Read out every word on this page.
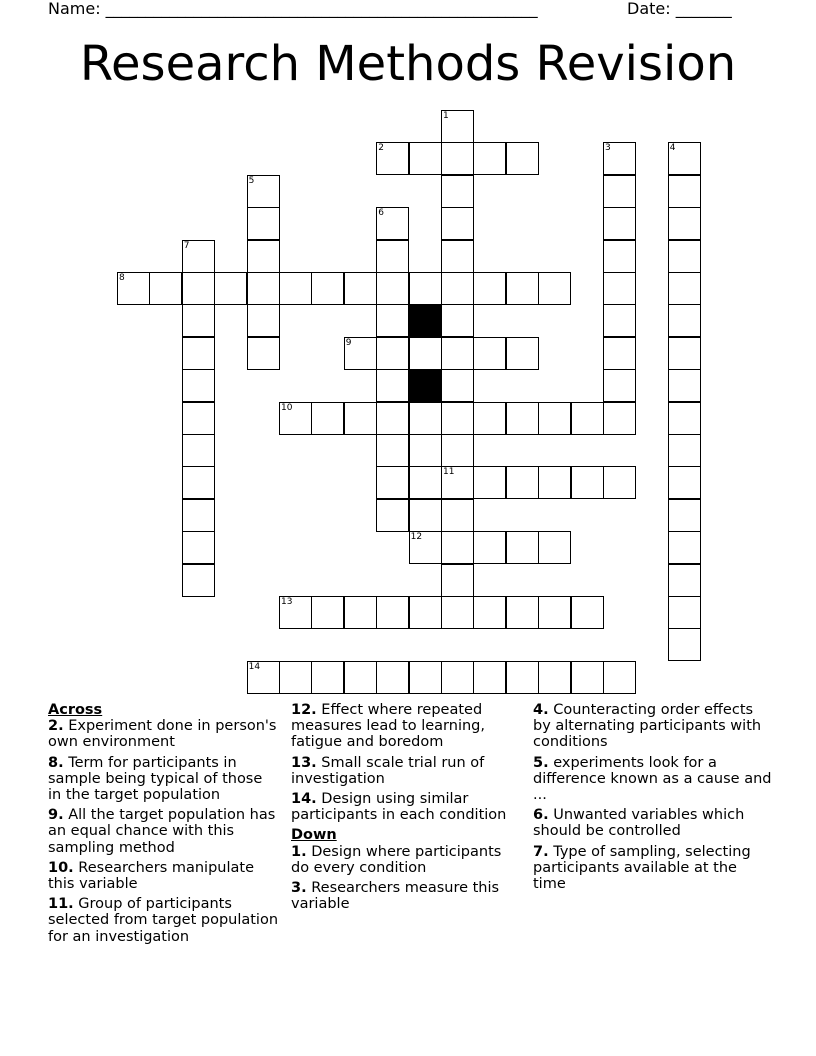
Name: ______________________________________________________	Date: _______
Research Methods Revision
2
8
9
10
11
12
13
14
1
3	4
5
6
7
Across
2. Experiment done in person's own environment
8. Term for participants in sample being typical of those in the target population
9. All the target population has an equal chance with this sampling method
10. Researchers manipulate this variable
11. Group of participants selected from target population for an investigation
12. Effect where repeated measures lead to learning, fatigue and boredom
13. Small scale trial run of investigation
14. Design using similar participants in each condition
Down
1. Design where participants do every condition
3. Researchers measure this variable
4. Counteracting order effects by alternating participants with conditions
5. experiments look for a difference known as a cause and ...
6. Unwanted variables which should be controlled
7. Type of sampling, selecting participants available at the time
